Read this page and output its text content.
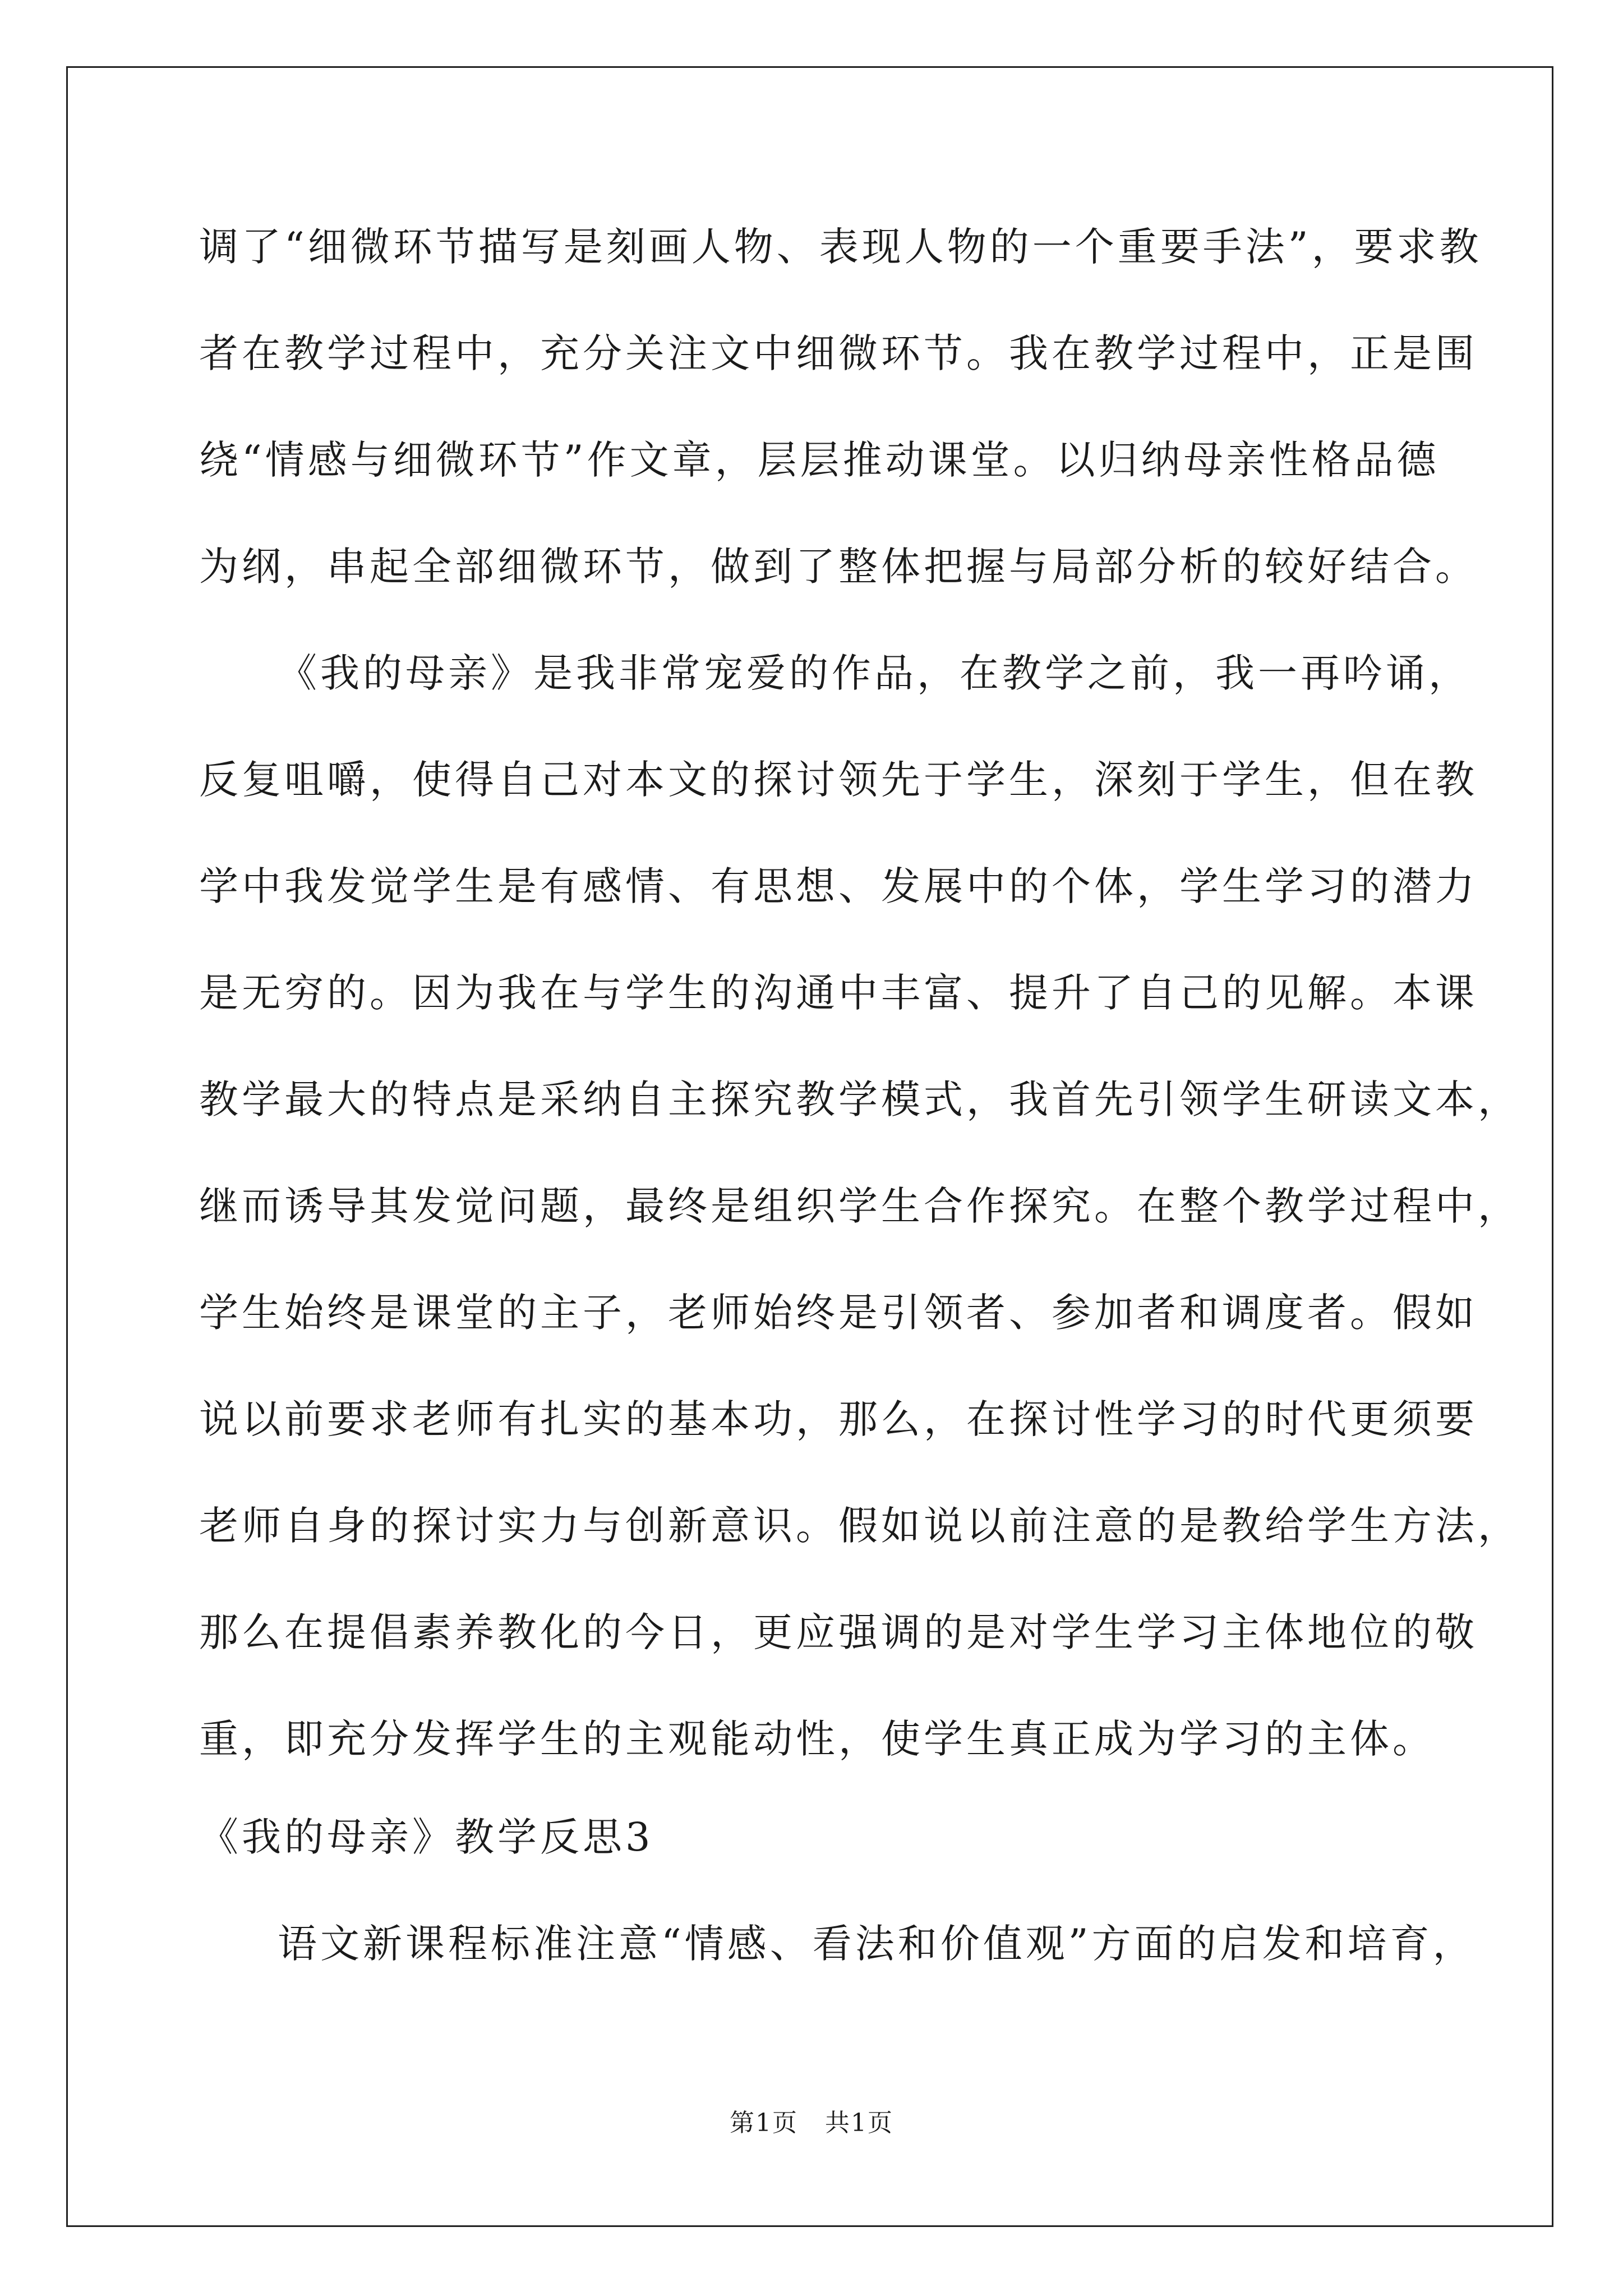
调了“细微环节描写是刻画人物、表现人物的一个重要手法”，要求教
者在教学过程中，充分关注文中细微环节。我在教学过程中，正是围
绕“情感与细微环节”作文章，层层推动课堂。以归纳母亲性格品德
为纲，串起全部细微环节，做到了整体把握与局部分析的较好结合。
《我的母亲》是我非常宠爱的作品，在教学之前，我一再吟诵，
反复咀嚼，使得自己对本文的探讨领先于学生，深刻于学生，但在教
学中我发觉学生是有感情、有思想、发展中的个体，学生学习的潜力
是无穷的。因为我在与学生的沟通中丰富、提升了自己的见解。本课
教学最大的特点是采纳自主探究教学模式，我首先引领学生研读文本，
继而诱导其发觉问题，最终是组织学生合作探究。在整个教学过程中，
学生始终是课堂的主子，老师始终是引领者、参加者和调度者。假如
说以前要求老师有扎实的基本功，那么，在探讨性学习的时代更须要
老师自身的探讨实力与创新意识。假如说以前注意的是教给学生方法，
那么在提倡素养教化的今日，更应强调的是对学生学习主体地位的敬
重，即充分发挥学生的主观能动性，使学生真正成为学习的主体。
《我的母亲》教学反思3
语文新课程标准注意“情感、看法和价值观”方面的启发和培育，
第1页   共1页
